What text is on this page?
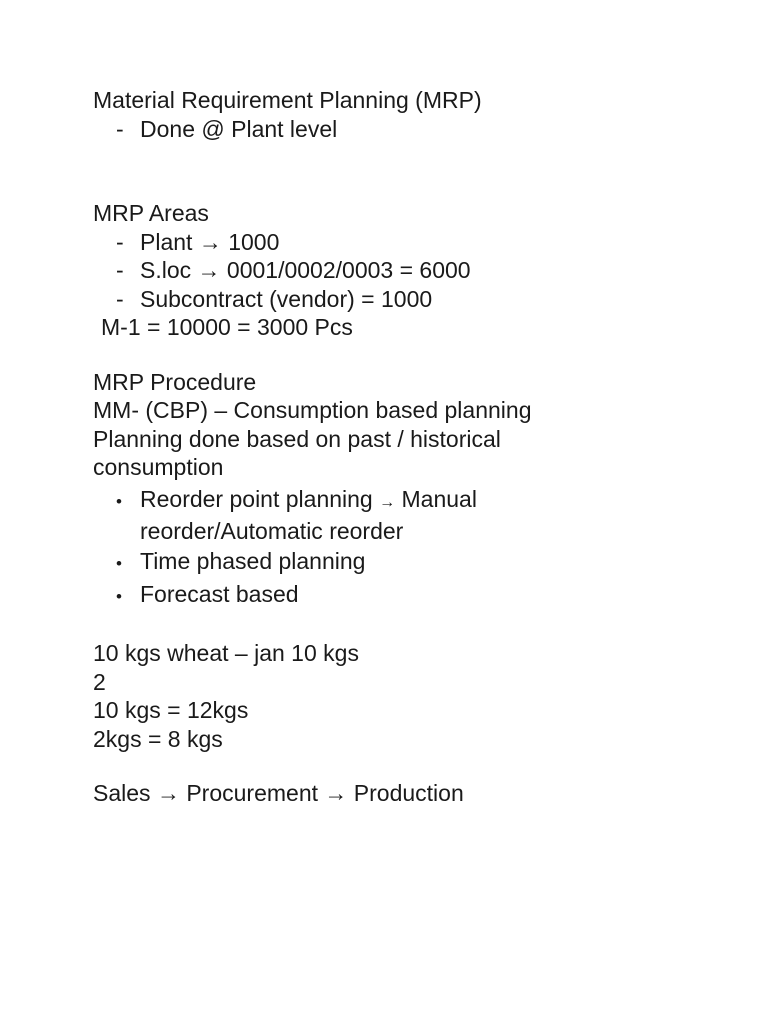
Material Requirement Planning (MRP)
- Done @ Plant level
MRP Areas
- Plant → 1000
- S.loc → 0001/0002/0003 = 6000
- Subcontract (vendor) = 1000
M-1 = 10000 = 3000 Pcs
MRP Procedure
MM- (CBP) – Consumption based planning
Planning done based on past / historical
consumption
• Reorder point planning → Manual reorder/Automatic reorder
• Time phased planning
• Forecast based
10 kgs wheat – jan 10 kgs
2
10 kgs = 12kgs
2kgs = 8 kgs
Sales → Procurement → Production
